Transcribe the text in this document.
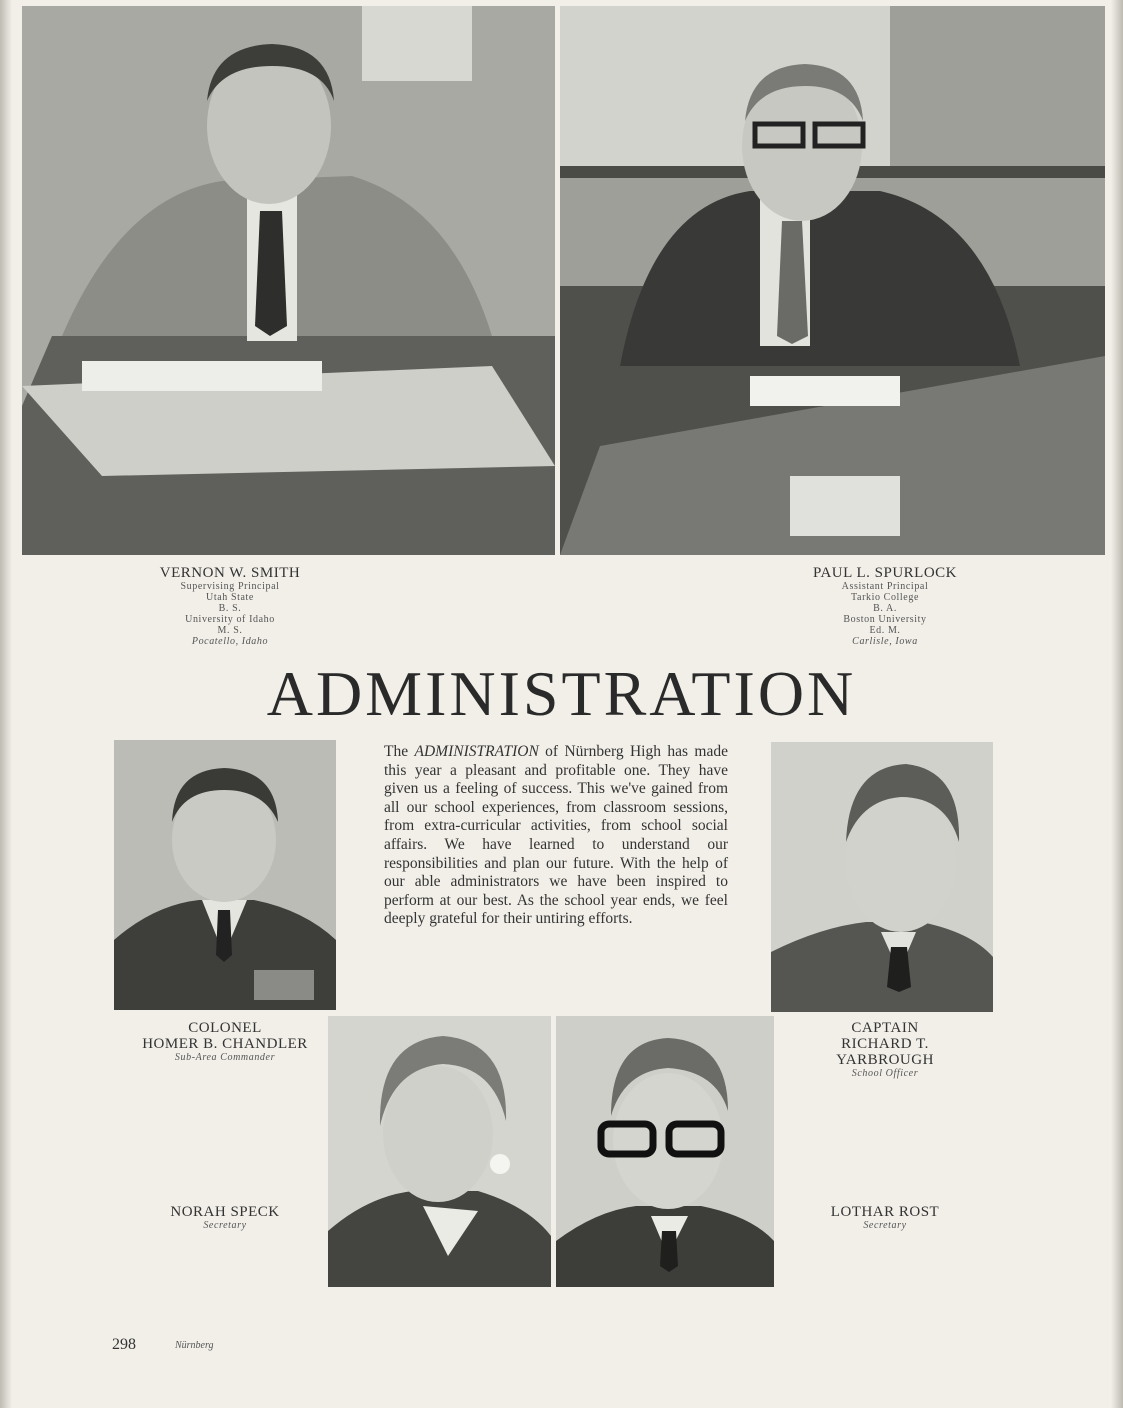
VERNON W. SMITH
Supervising Principal
Utah State
B. S.
University of Idaho
M. S.
Pocatello, Idaho
PAUL L. SPURLOCK
Assistant Principal
Tarkio College
B. A.
Boston University
Ed. M.
Carlisle, Iowa
ADMINISTRATION
COLONEL
HOMER B. CHANDLER
Sub-Area Commander
The ADMINISTRATION of Nürnberg High has made this year a pleasant and profitable one. They have given us a feeling of success. This we've gained from all our school experiences, from classroom sessions, from extra-curricular activities, from school social affairs. We have learned to understand our responsibilities and plan our future. With the help of our able administrators we have been inspired to perform at our best. As the school year ends, we feel deeply grateful for their untiring efforts.
CAPTAIN
RICHARD T.
YARBROUGH
School Officer
NORAH SPECK
Secretary
LOTHAR ROST
Secretary
298	Nürnberg
